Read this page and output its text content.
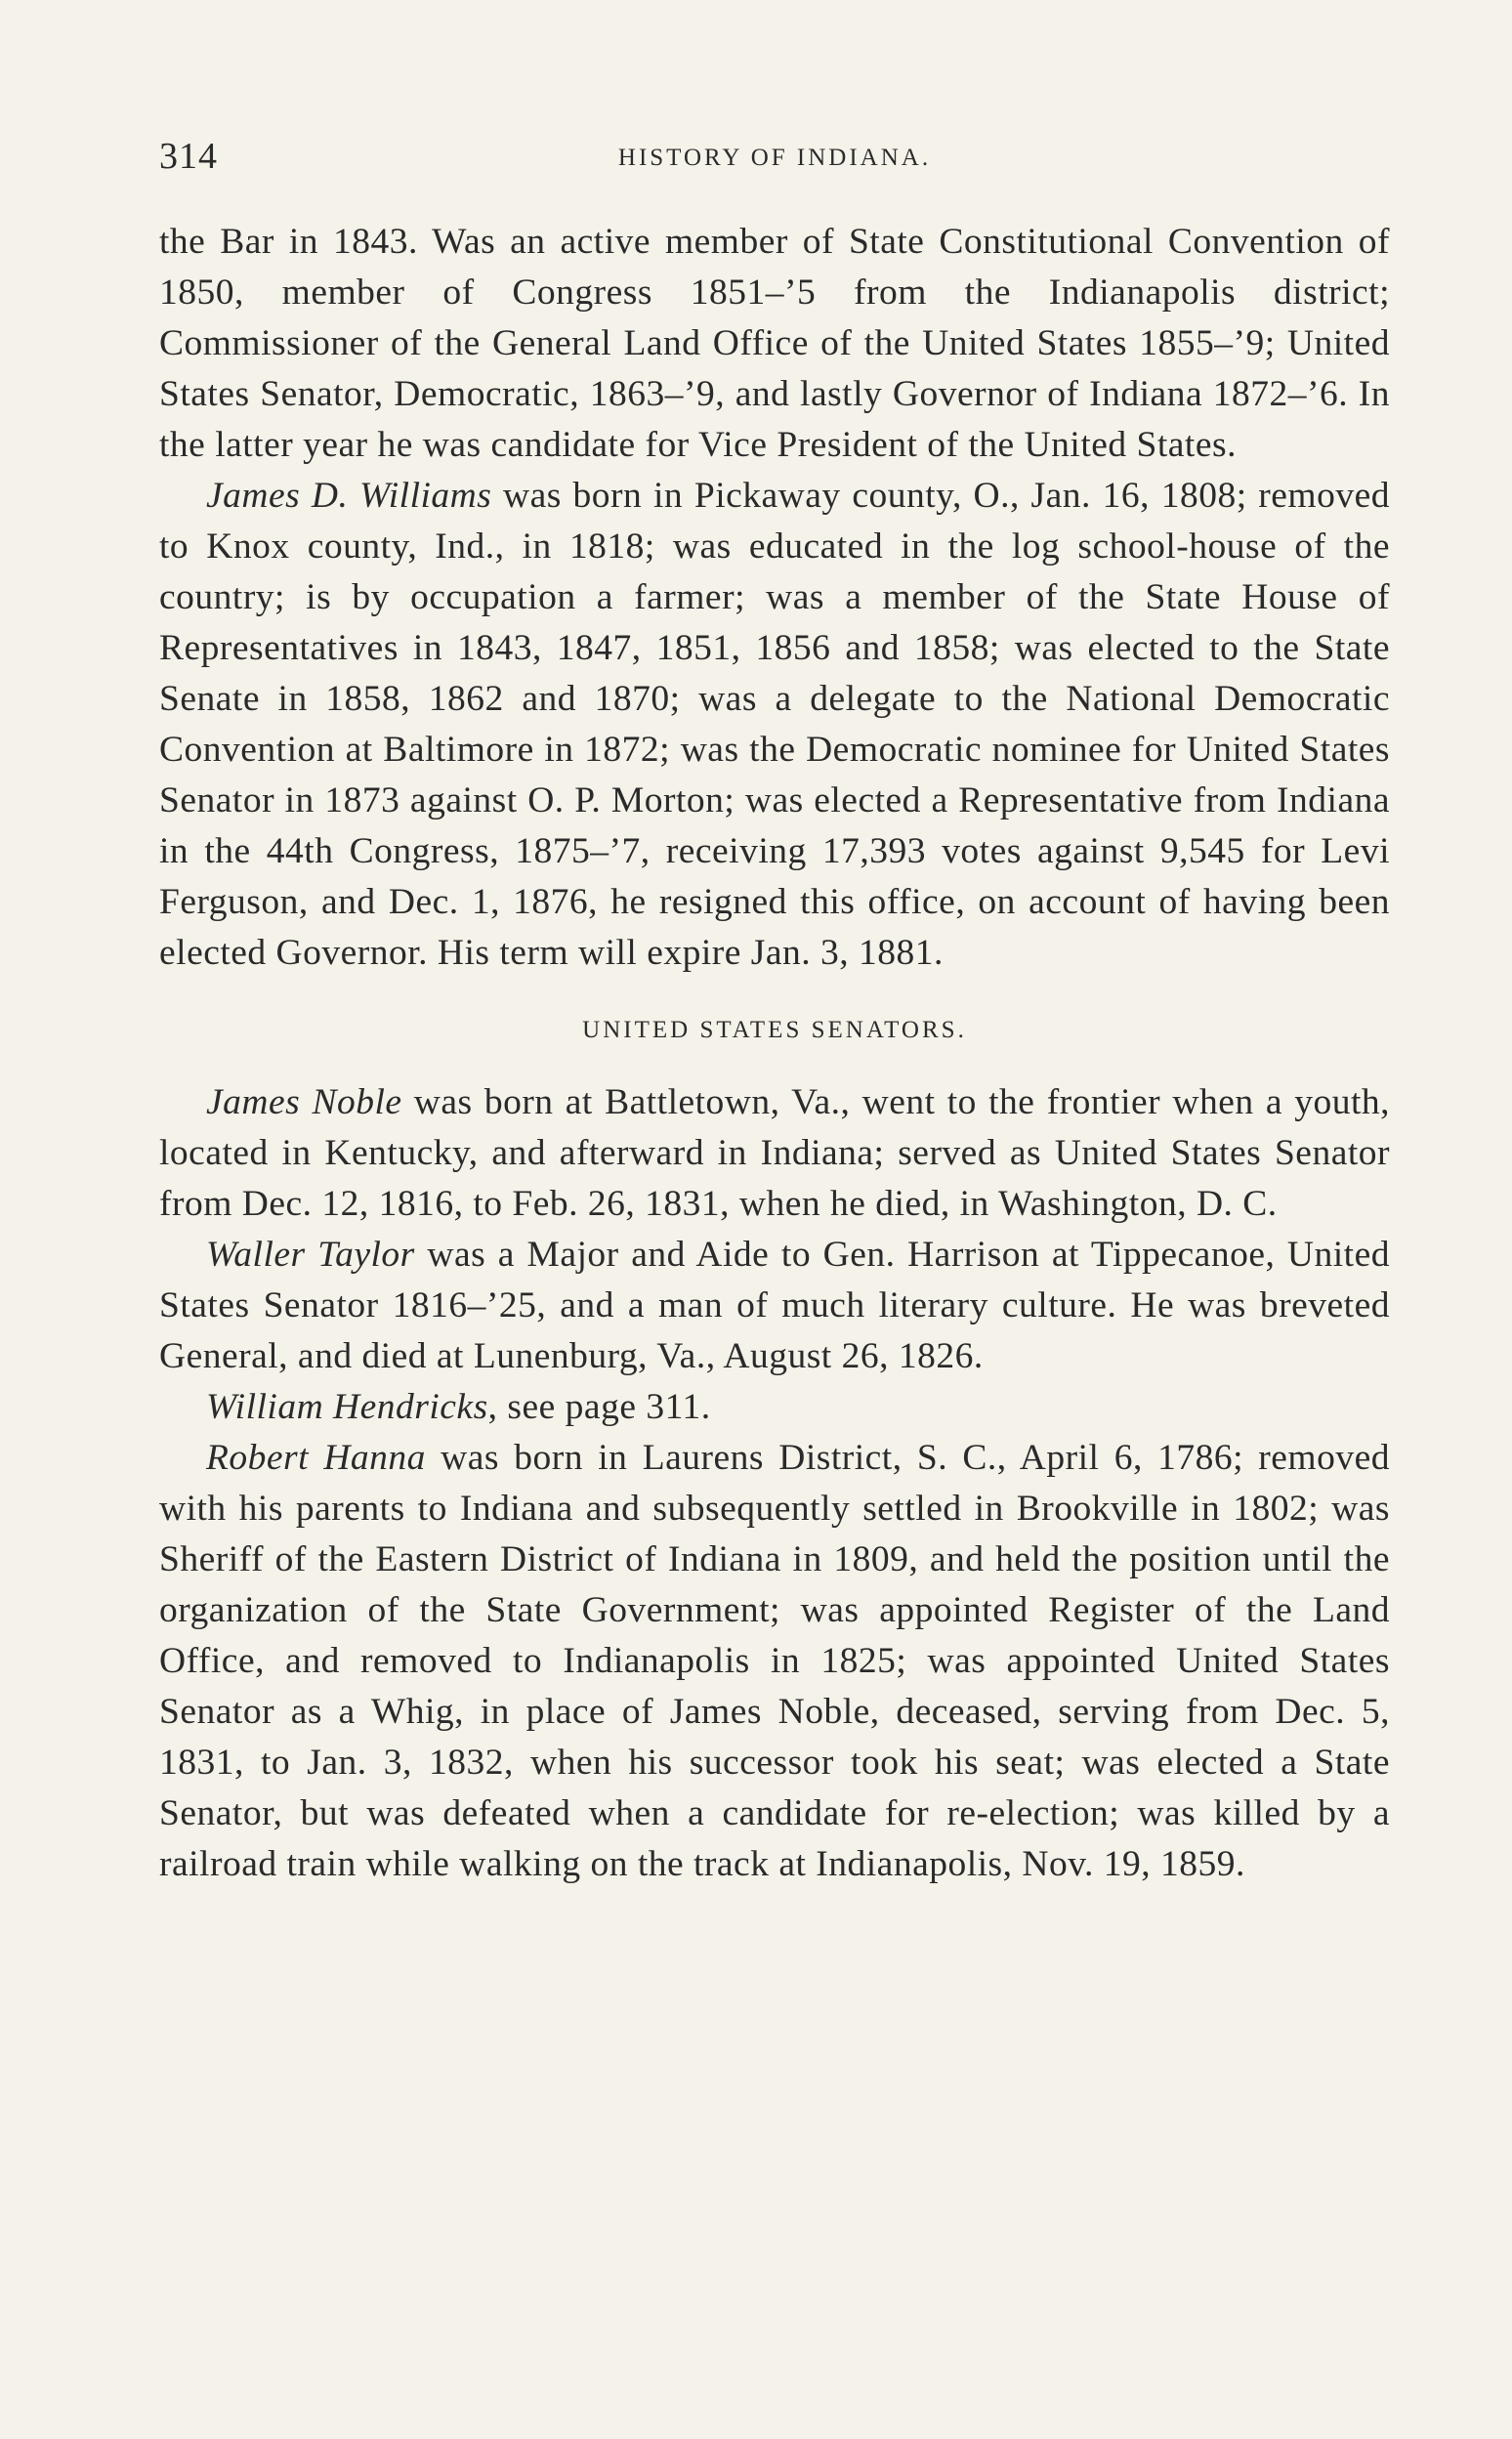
314	HISTORY OF INDIANA.

the Bar in 1843. Was an active member of State Constitutional Convention of 1850, member of Congress 1851–’5 from the Indianapolis district; Commissioner of the General Land Office of the United States 1855–’9; United States Senator, Democratic, 1863–’9, and lastly Governor of Indiana 1872–’6. In the latter year he was candidate for Vice President of the United States.

James D. Williams was born in Pickaway county, O., Jan. 16, 1808; removed to Knox county, Ind., in 1818; was educated in the log school-house of the country; is by occupation a farmer; was a member of the State House of Representatives in 1843, 1847, 1851, 1856 and 1858; was elected to the State Senate in 1858, 1862 and 1870; was a delegate to the National Democratic Convention at Baltimore in 1872; was the Democratic nominee for United States Senator in 1873 against O. P. Morton; was elected a Representative from Indiana in the 44th Congress, 1875–’7, receiving 17,393 votes against 9,545 for Levi Ferguson, and Dec. 1, 1876, he resigned this office, on account of having been elected Governor. His term will expire Jan. 3, 1881.

UNITED STATES SENATORS.

James Noble was born at Battletown, Va., went to the frontier when a youth, located in Kentucky, and afterward in Indiana; served as United States Senator from Dec. 12, 1816, to Feb. 26, 1831, when he died, in Washington, D. C.

Waller Taylor was a Major and Aide to Gen. Harrison at Tippecanoe, United States Senator 1816–’25, and a man of much literary culture. He was breveted General, and died at Lunenburg, Va., August 26, 1826.

William Hendricks, see page 311.

Robert Hanna was born in Laurens District, S. C., April 6, 1786; removed with his parents to Indiana and subsequently settled in Brookville in 1802; was Sheriff of the Eastern District of Indiana in 1809, and held the position until the organization of the State Government; was appointed Register of the Land Office, and removed to Indianapolis in 1825; was appointed United States Senator as a Whig, in place of James Noble, deceased, serving from Dec. 5, 1831, to Jan. 3, 1832, when his successor took his seat; was elected a State Senator, but was defeated when a candidate for re-election; was killed by a railroad train while walking on the track at Indianapolis, Nov. 19, 1859.
